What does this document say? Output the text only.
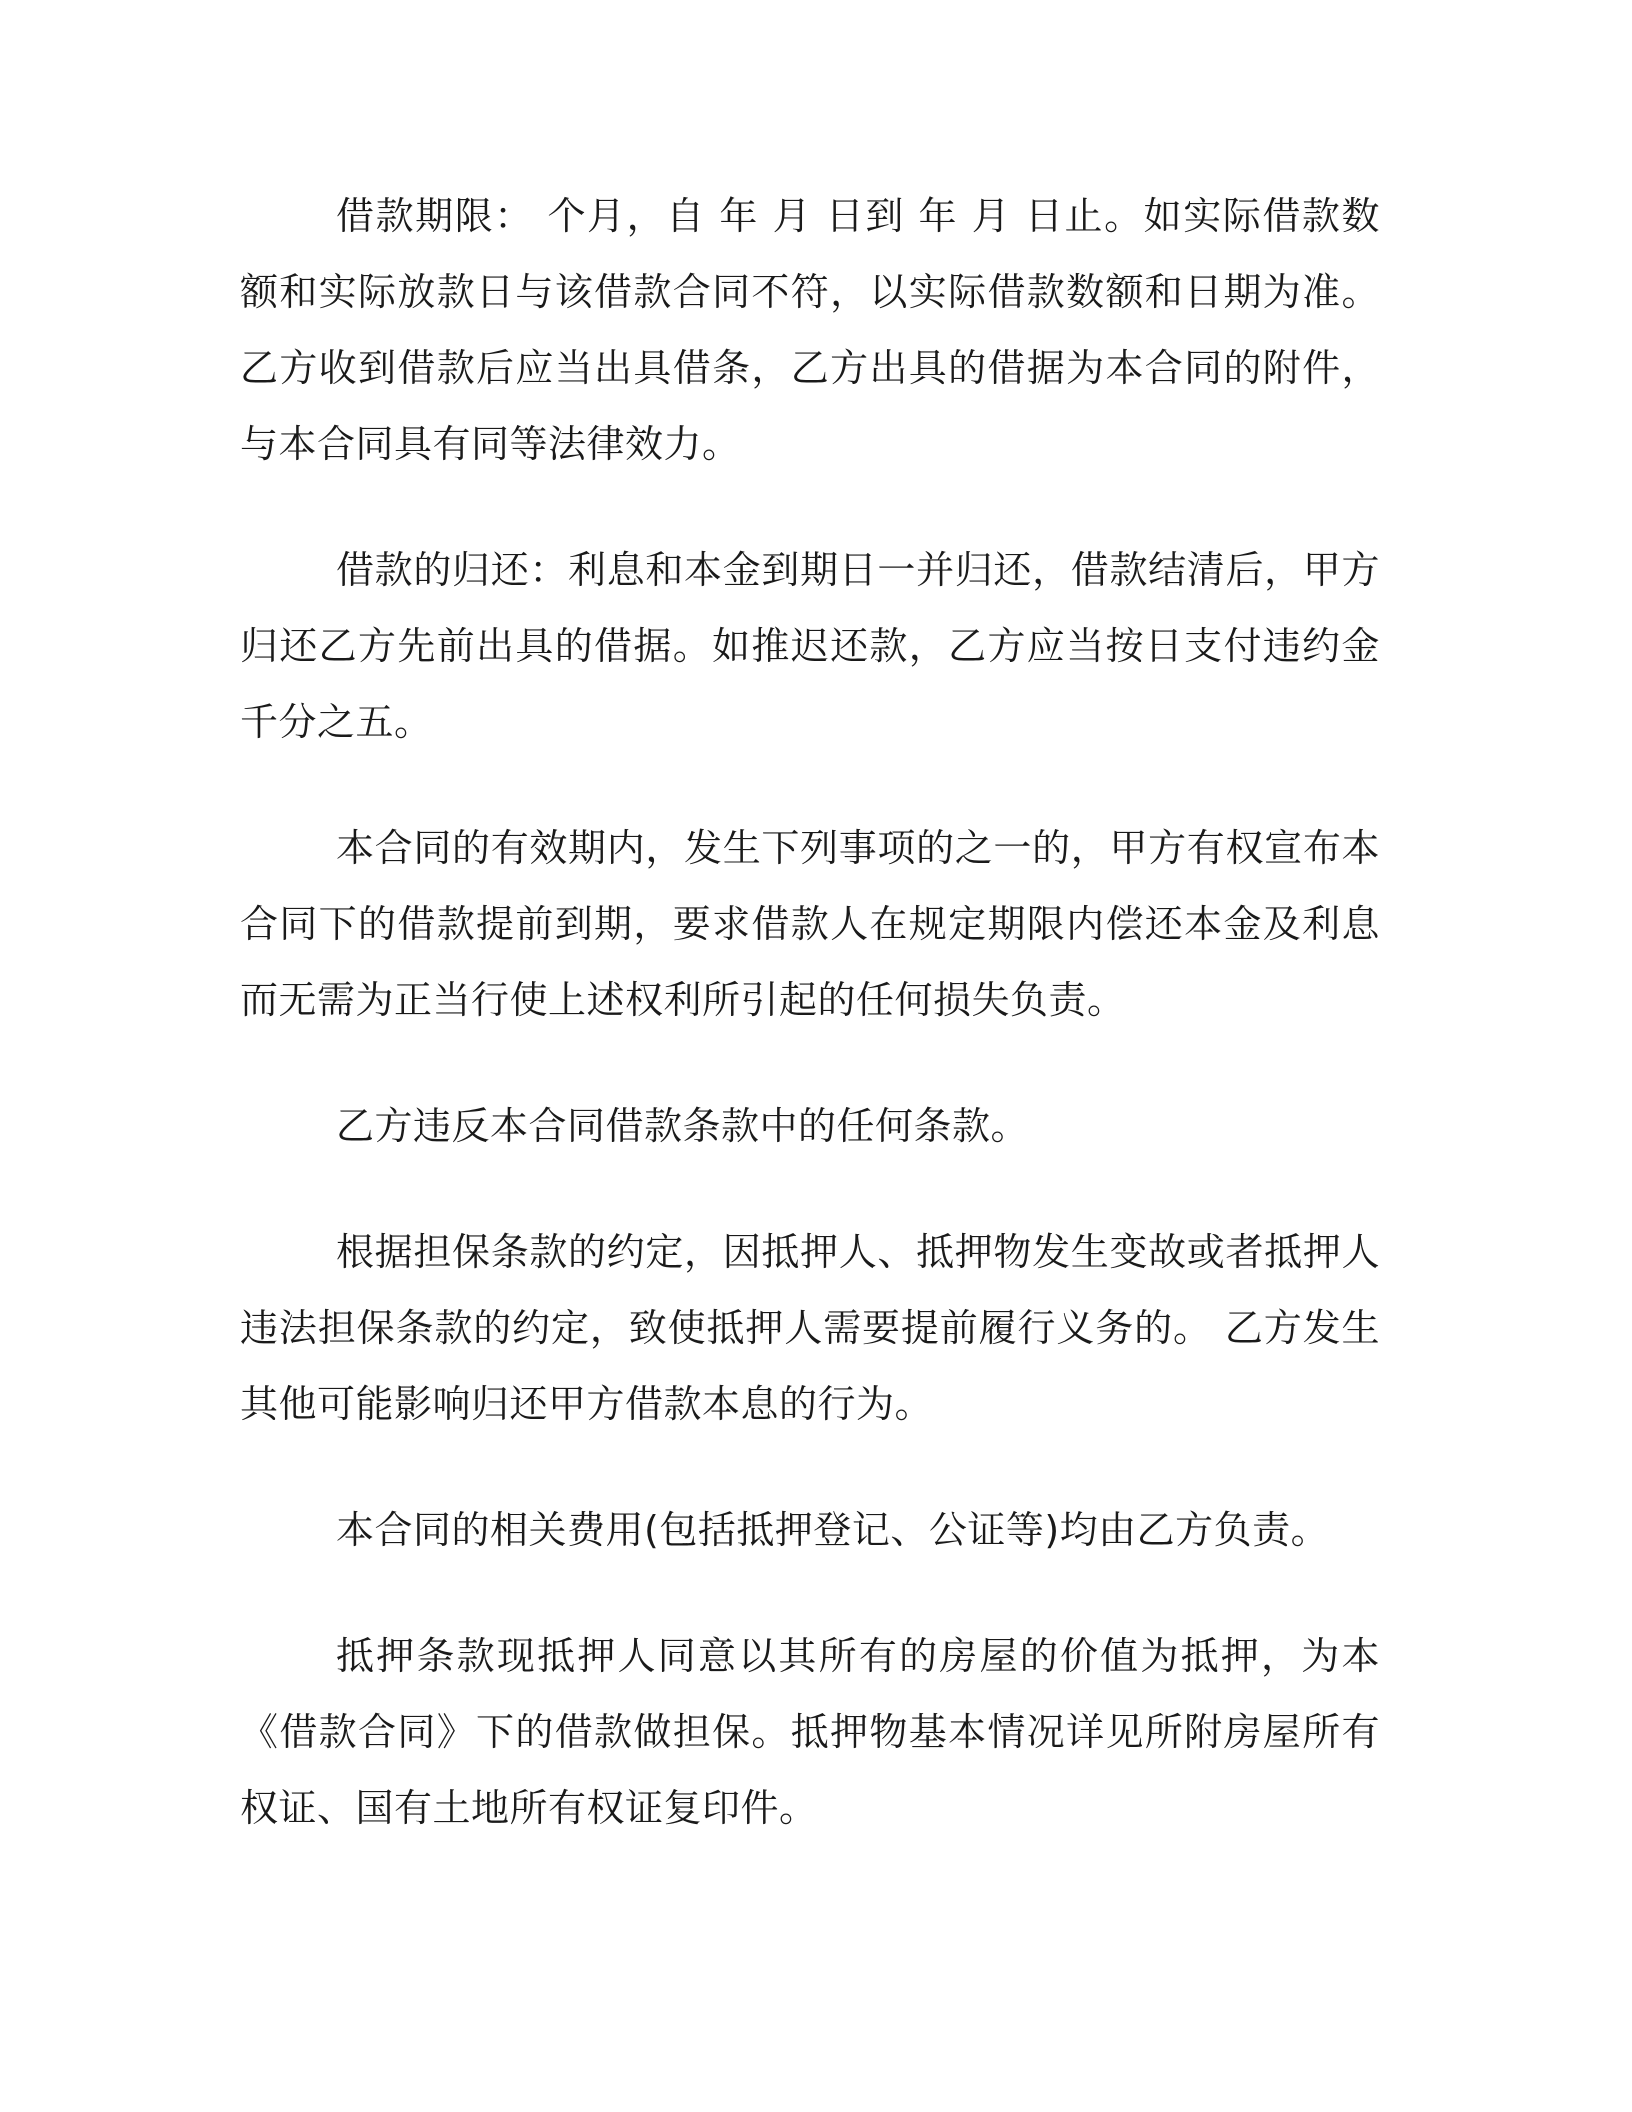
借款期限： 个月，自 年 月 日到 年 月 日止。如实际借款数额和实际放款日与该借款合同不符，以实际借款数额和日期为准。乙方收到借款后应当出具借条，乙方出具的借据为本合同的附件，与本合同具有同等法律效力。

借款的归还：利息和本金到期日一并归还，借款结清后，甲方归还乙方先前出具的借据。如推迟还款，乙方应当按日支付违约金千分之五。

本合同的有效期内，发生下列事项的之一的，甲方有权宣布本合同下的借款提前到期，要求借款人在规定期限内偿还本金及利息而无需为正当行使上述权利所引起的任何损失负责。

乙方违反本合同借款条款中的任何条款。

根据担保条款的约定，因抵押人、抵押物发生变故或者抵押人违法担保条款的约定，致使抵押人需要提前履行义务的。 乙方发生其他可能影响归还甲方借款本息的行为。

本合同的相关费用(包括抵押登记、公证等)均由乙方负责。

抵押条款现抵押人同意以其所有的房屋的价值为抵押，为本《借款合同》下的借款做担保。抵押物基本情况详见所附房屋所有权证、国有土地所有权证复印件。
